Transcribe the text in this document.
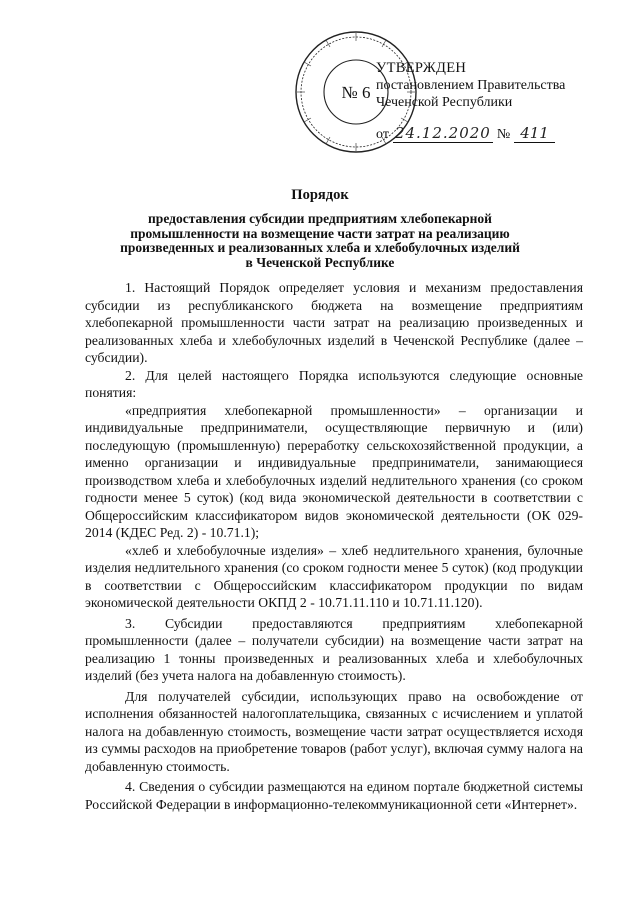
№ 6
УТВЕРЖДЕН
постановлением Правительства
Чеченской Республики
от 24.12.2020 № 411
Порядок
предоставления субсидии предприятиям хлебопекарной
промышленности на возмещение части затрат на реализацию
произведенных и реализованных хлеба и хлебобулочных изделий
в Чеченской Республике

1. Настоящий Порядок определяет условия и механизм предоставления субсидии из республиканского бюджета на возмещение предприятиям хлебопекарной промышленности части затрат на реализацию произведенных и реализованных хлеба и хлебобулочных изделий в Чеченской Республике (далее – субсидии).

2. Для целей настоящего Порядка используются следующие основные понятия:

«предприятия хлебопекарной промышленности» – организации и индивидуальные предприниматели, осуществляющие первичную и (или) последующую (промышленную) переработку сельскохозяйственной продукции, а именно организации и индивидуальные предприниматели, занимающиеся производством хлеба и хлебобулочных изделий недлительного хранения (со сроком годности менее 5 суток) (код вида экономической деятельности в соответствии с Общероссийским классификатором видов экономической деятельности (ОК 029-2014 (КДЕС Ред. 2) - 10.71.1);

«хлеб и хлебобулочные изделия» – хлеб недлительного хранения, булочные изделия недлительного хранения (со сроком годности менее 5 суток) (код продукции в соответствии с Общероссийским классификатором продукции по видам экономической деятельности ОКПД 2 - 10.71.11.110 и 10.71.11.120).

3. Субсидии предоставляются предприятиям хлебопекарной промышленности (далее – получатели субсидии) на возмещение части затрат на реализацию 1 тонны произведенных и реализованных хлеба и хлебобулочных изделий (без учета налога на добавленную стоимость).

Для получателей субсидии, использующих право на освобождение от исполнения обязанностей налогоплательщика, связанных с исчислением и уплатой налога на добавленную стоимость, возмещение части затрат осуществляется исходя из суммы расходов на приобретение товаров (работ услуг), включая сумму налога на добавленную стоимость.

4. Сведения о субсидии размещаются на едином портале бюджетной системы Российской Федерации в информационно-телекоммуникационной сети «Интернет».
